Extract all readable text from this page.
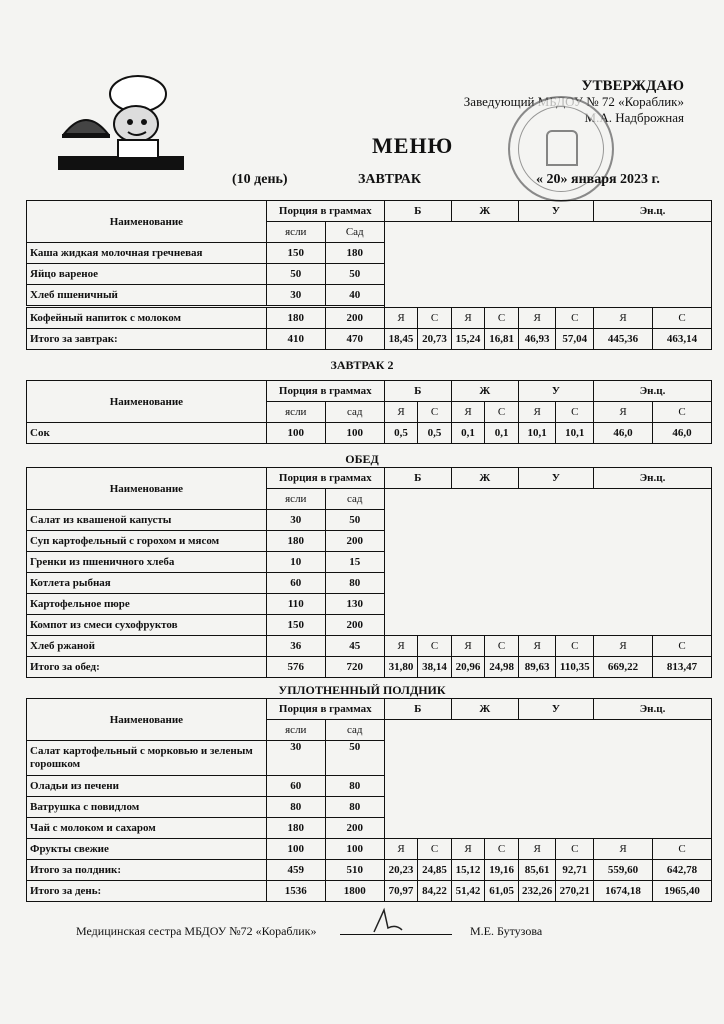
УТВЕРЖДАЮ
Заведующий МБДОУ № 72 «Кораблик»
М.А. Надброжная
МЕНЮ
(10 день)	ЗАВТРАК	« 20» января 2023 г.
Наименование	Порция в граммах		Б		Ж		У		Эн.ц.	
	ясли	Сад								
Каша жидкая молочная гречневая	150	180								
Яйцо вареное	50	50								
Хлеб пшеничный	30	40								

Кофейный напиток с молоком	180	200	Я	С	Я	С	Я	С	Я	С
Итого за завтрак:	410	470	18,45	20,73	15,24	16,81	46,93	57,04	445,36	463,14
ЗАВТРАК 2
Наименование	Порция в граммах		Б		Ж		У		Эн.ц.	
	ясли	сад	Я	С	Я	С	Я	С	Я	С
Сок	100	100	0,5	0,5	0,1	0,1	10,1	10,1	46,0	46,0
ОБЕД
Наименование	Порция в граммах		Б		Ж		У		Эн.ц.	
	ясли	сад								
Салат из квашеной капусты	30	50								
Суп картофельный с горохом и мясом	180	200								
Гренки из пшеничного хлеба	10	15								
Котлета рыбная	60	80								
Картофельное пюре	110	130								
Компот из смеси сухофруктов	150	200								
Хлеб ржаной	36	45	Я	С	Я	С	Я	С	Я	С
Итого за обед:	576	720	31,80	38,14	20,96	24,98	89,63	110,35	669,22	813,47
УПЛОТНЕННЫЙ ПОЛДНИК
Наименование	Порция в граммах		Б		Ж		У		Эн.ц.	
	ясли	сад								
Салат картофельный с морковью и зеленым горошком	30	50								
Оладьи из печени	60	80								
Ватрушка с повидлом	80	80								
Чай с молоком и сахаром	180	200								
Фрукты свежие	100	100	Я	С	Я	С	Я	С	Я	С
Итого за полдник:	459	510	20,23	24,85	15,12	19,16	85,61	92,71	559,60	642,78
Итого за день:	1536	1800	70,97	84,22	51,42	61,05	232,26	270,21	1674,18	1965,40
Медицинская сестра МБДОУ №72 «Кораблик»	М.Е. Бутузова
